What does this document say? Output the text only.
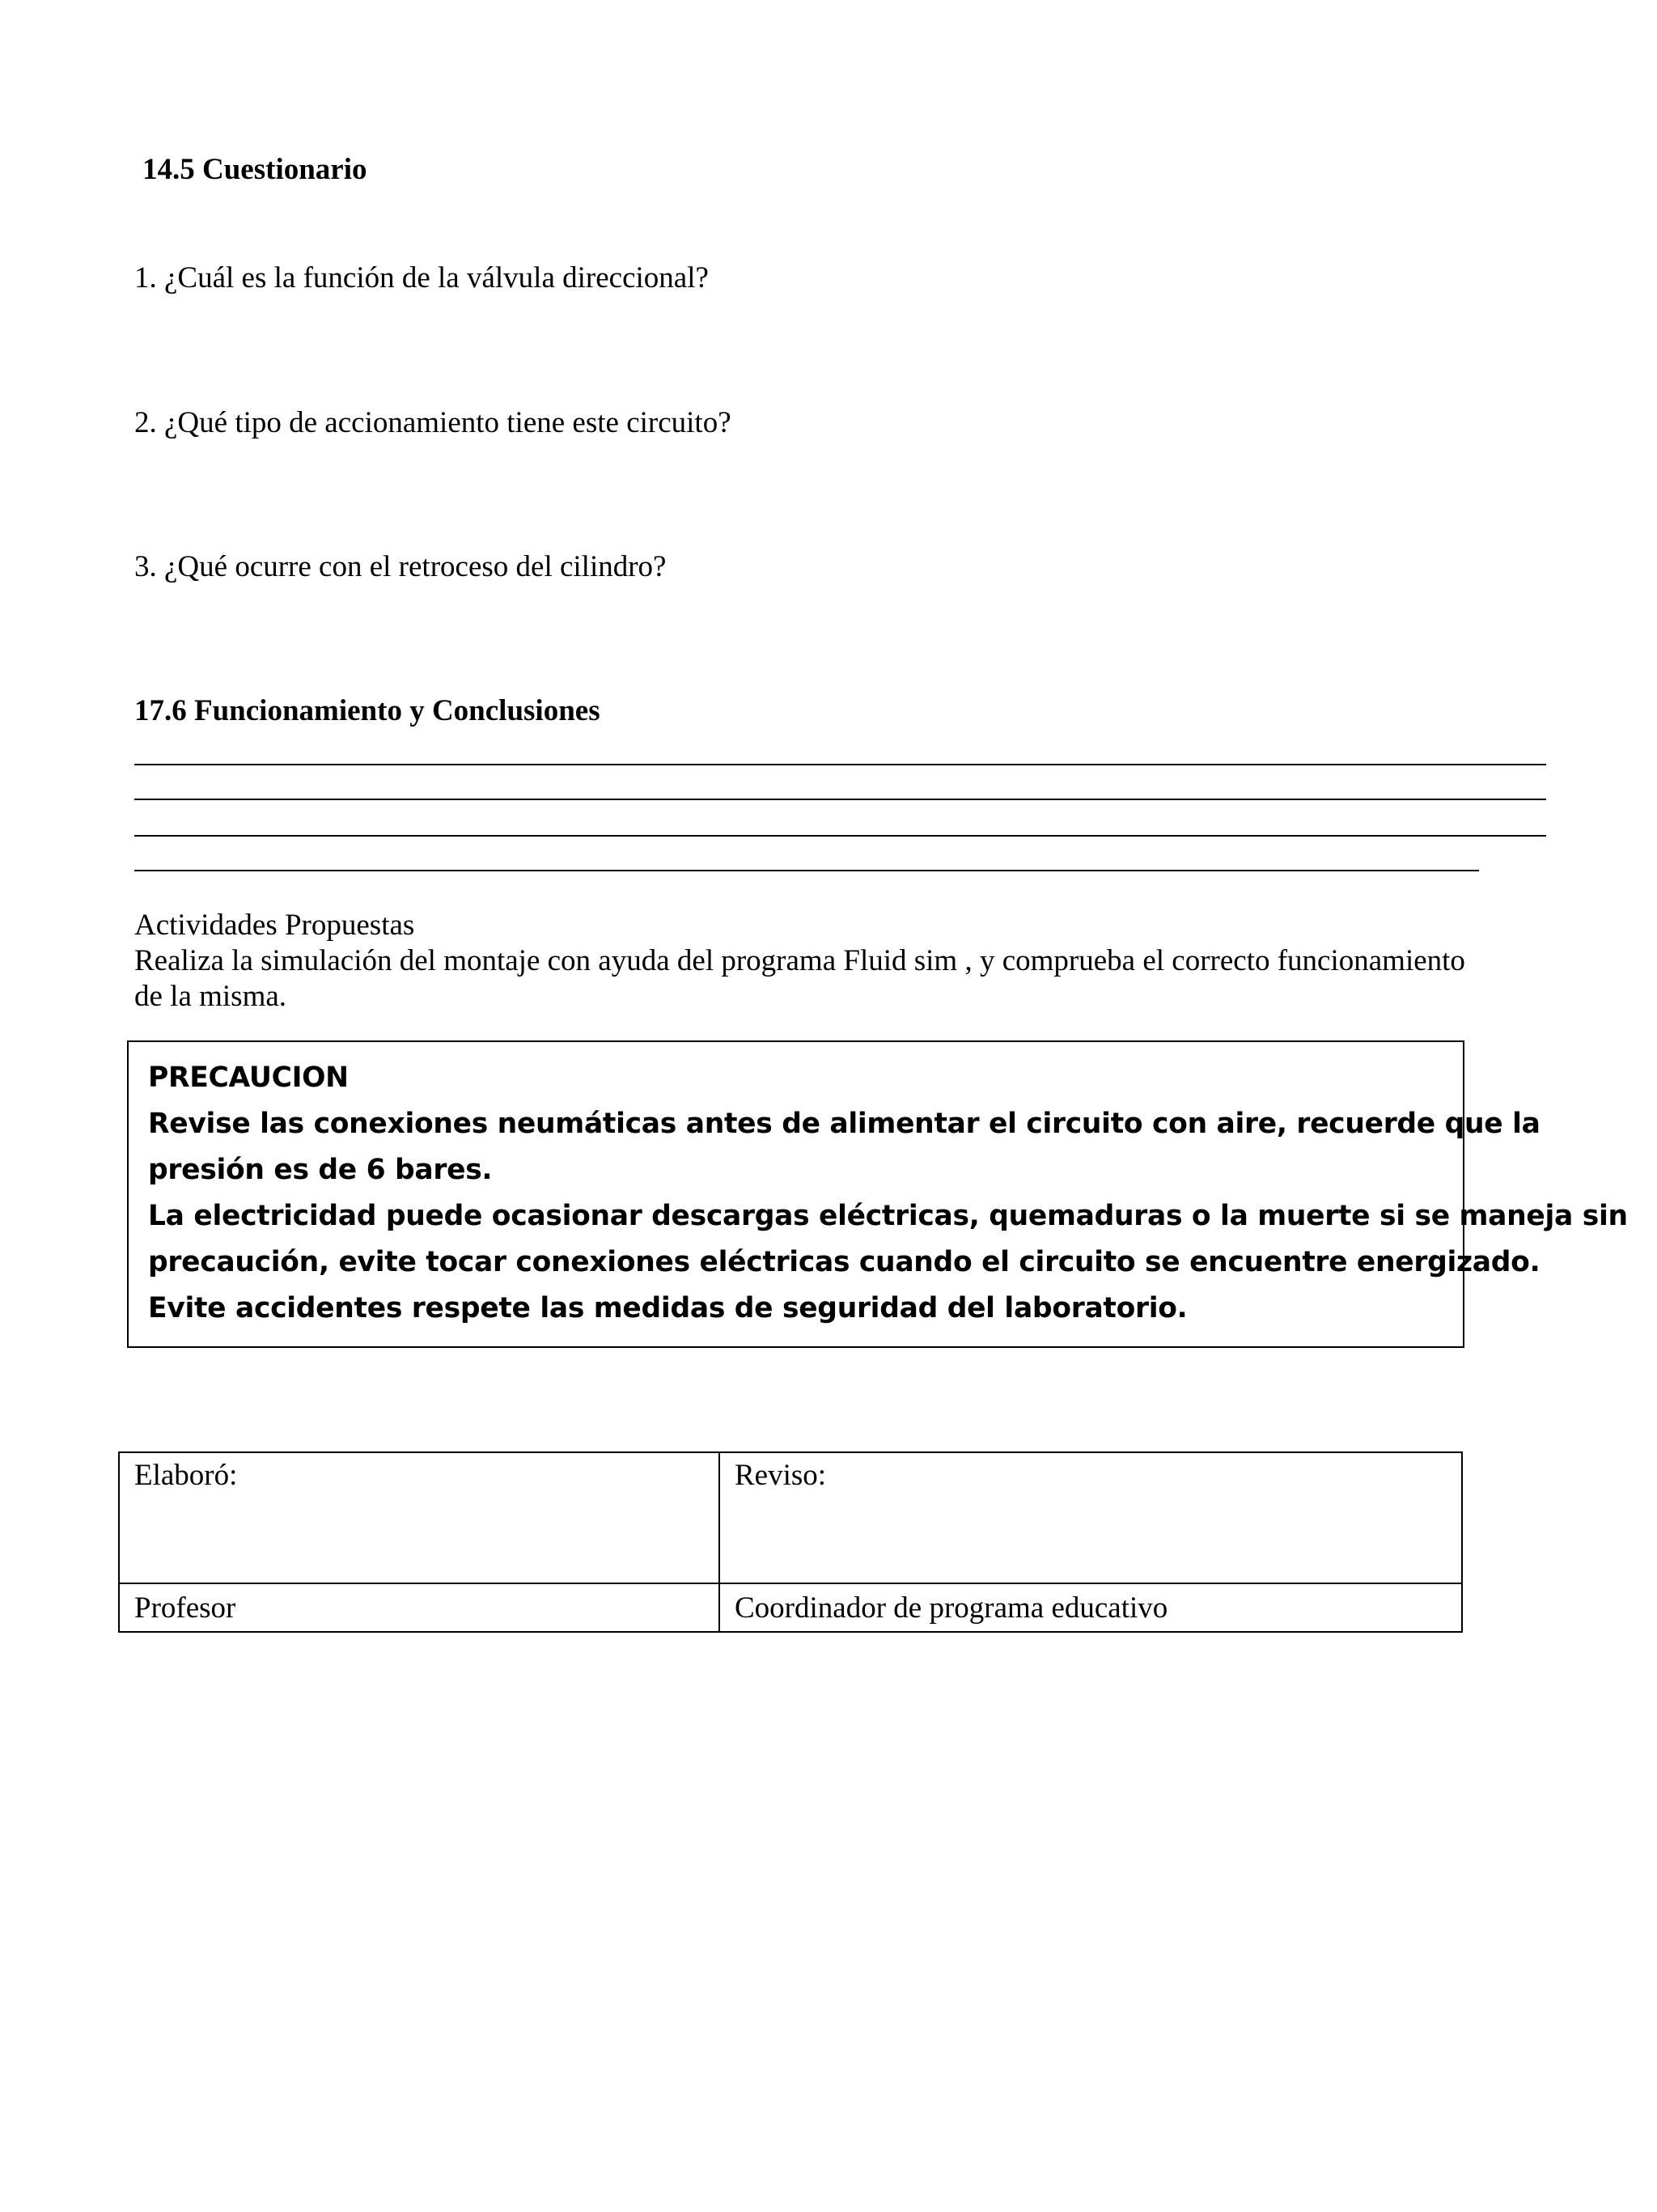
14.5 Cuestionario

1. ¿Cuál es la función de la válvula direccional?

2. ¿Qué tipo de accionamiento tiene este circuito?

3. ¿Qué ocurre con el retroceso del cilindro?

17.6 Funcionamiento y Conclusiones
Actividades Propuestas
Realiza la simulación del montaje con ayuda del programa Fluid sim , y comprueba el correcto funcionamiento
de la misma.
PRECAUCION
Revise las conexiones neumáticas antes de alimentar el circuito con aire, recuerde que la
presión es de 6 bares.
La electricidad puede ocasionar descargas eléctricas, quemaduras o la muerte si se maneja sin
precaución, evite tocar conexiones eléctricas cuando el circuito se encuentre energizado.
Evite accidentes respete las medidas de seguridad del laboratorio.
Elaboró:	Reviso:
Profesor	Coordinador de programa educativo
